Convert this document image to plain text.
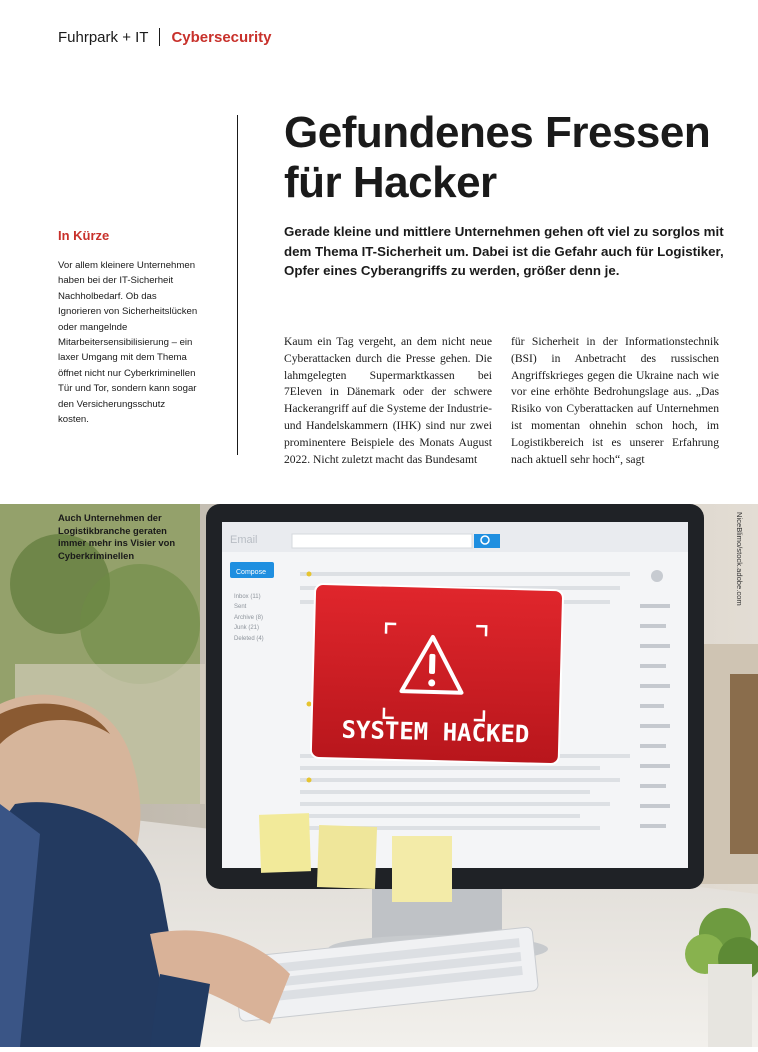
Fuhrpark + IT Cybersecurity
Gefundenes Fressen für Hacker
In Kürze
Vor allem kleinere Unternehmen haben bei der IT-Sicherheit Nachholbedarf. Ob das Ignorieren von Sicherheitslücken oder mangelnde Mitarbeitersensibilisierung – ein laxer Umgang mit dem Thema öffnet nicht nur Cyberkriminellen Tür und Tor, sondern kann sogar den Versicherungsschutz kosten.
Gerade kleine und mittlere Unternehmen gehen oft viel zu sorglos mit dem Thema IT-Sicherheit um. Dabei ist die Gefahr auch für Logistiker, Opfer eines Cyberangriffs zu werden, größer denn je.
Kaum ein Tag vergeht, an dem nicht neue Cyberattacken durch die Presse gehen. Die lahmgelegten Supermarktkassen bei 7Eleven in Dänemark oder der schwere Hackerangriff auf die Systeme der Industrie- und Handelskammern (IHK) sind nur zwei prominentere Beispiele des Monats August 2022. Nicht zuletzt macht das Bundesamt
für Sicherheit in der Informationstechnik (BSI) in Anbetracht des russischen Angriffskrieges gegen die Ukraine nach wie vor eine erhöhte Bedrohungslage aus. „Das Risiko von Cyberattacken auf Unternehmen ist momentan ohnehin schon hoch, im Logistikbereich ist es unserer Erfahrung nach aktuell sehr hoch“, sagt
Auch Unternehmen der Logistikbranche geraten immer mehr ins Visier von Cyberkriminellen	NiceBlimo/stock.adobe.com
Email
Compose
Inbox (11)
Sent
Archive (8)
Junk (21)
Deleted (4)
SYSTEM HACKED
